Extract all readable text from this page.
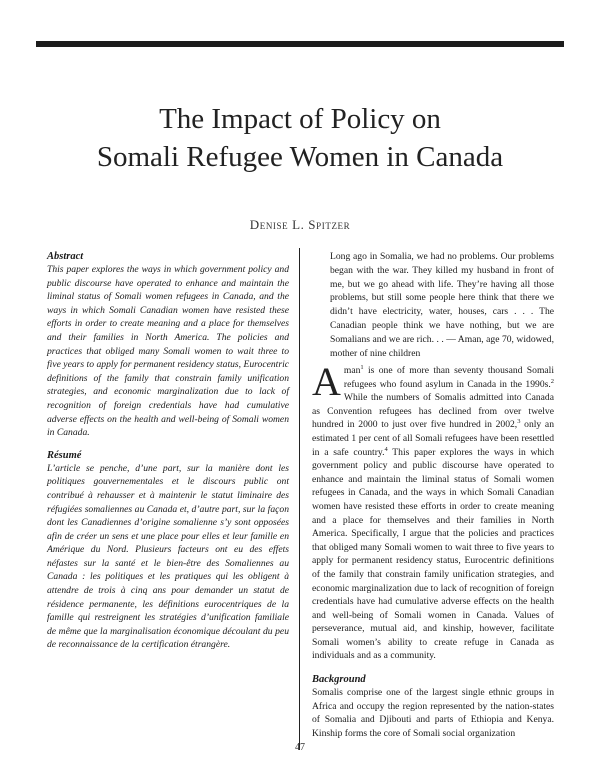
The Impact of Policy on
Somali Refugee Women in Canada
Denise L. Spitzer
Abstract

This paper explores the ways in which government policy and public discourse have operated to enhance and maintain the liminal status of Somali women refugees in Canada, and the ways in which Somali Canadian women have resisted these efforts in order to create meaning and a place for themselves and their families in North America. The policies and practices that obliged many Somali women to wait three to five years to apply for permanent residency status, Eurocentric definitions of the family that constrain family unification strategies, and economic marginalization due to lack of recognition of foreign credentials have had cumulative adverse effects on the health and well-being of Somali women in Canada.

Résumé

L’article se penche, d’une part, sur la manière dont les politiques gouvernementales et le discours public ont contribué à rehausser et à maintenir le statut liminaire des réfugiées somaliennes au Canada et, d’autre part, sur la façon dont les Canadiennes d’origine somalienne s’y sont opposées afin de créer un sens et une place pour elles et leur famille en Amérique du Nord. Plusieurs facteurs ont eu des effets néfastes sur la santé et le bien-être des Somaliennes au Canada : les politiques et les pratiques qui les obligent à attendre de trois à cinq ans pour demander un statut de résidence permanente, les définitions eurocentriques de la famille qui restreignent les stratégies d’unification familiale de même que la marginalisation économique découlant du peu de reconnaissance de la certification étrangère.

Long ago in Somalia, we had no problems. Our problems began with the war. They killed my husband in front of me, but we go ahead with life. They’re having all those problems, but still some people here think that there we didn’t have electricity, water, houses, cars . . . The Canadian people think we have nothing, but we are Somalians and we are rich. . . — Aman, age 70, widowed, mother of nine children

Aman$^1$ is one of more than seventy thousand Somali refugees who found asylum in Canada in the 1990s.$^2$ While the numbers of Somalis admitted into Canada as Convention refugees has declined from over twelve hundred in 2000 to just over five hundred in 2002,$^3$ only an estimated 1 per cent of all Somali refugees have been resettled in a safe country.$^4$ This paper explores the ways in which government policy and public discourse have operated to enhance and maintain the liminal status of Somali women refugees in Canada, and the ways in which Somali Canadian women have resisted these efforts in order to create meaning and a place for themselves and their families in North America. Specifically, I argue that the policies and practices that obliged many Somali women to wait three to five years to apply for permanent residency status, Eurocentric definitions of the family that constrain family unification strategies, and economic marginalization due to lack of recognition of foreign credentials have had cumulative adverse effects on the health and well-being of Somali women in Canada. Values of perseverance, mutual aid, and kinship, however, facilitate Somali women’s ability to create refuge in Canada as individuals and as a community.

Background

Somalis comprise one of the largest single ethnic groups in Africa and occupy the region represented by the nation-states of Somalia and Djibouti and parts of Ethiopia and Kenya. Kinship forms the core of Somali social organization

47
